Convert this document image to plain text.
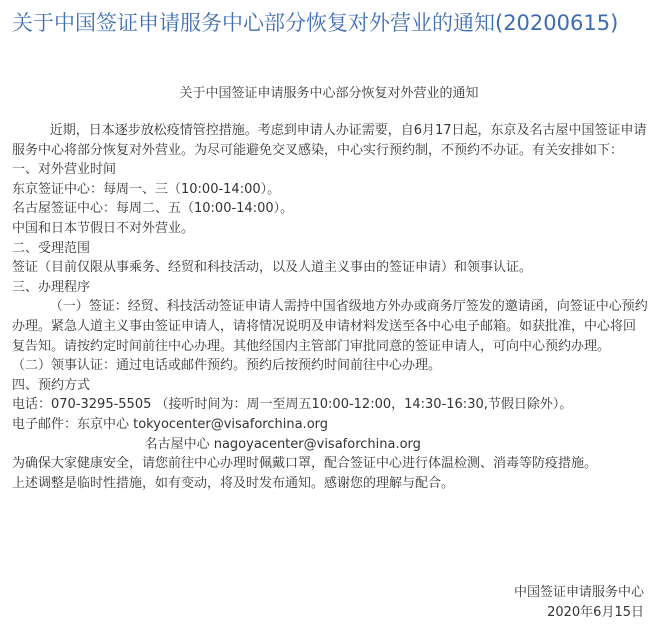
关于中国签证申请服务中心部分恢复对外营业的通知(20200615)
关于中国签证申请服务中心部分恢复对外营业的通知

近期，日本逐步放松疫情管控措施。考虑到申请人办证需要，自6月17日起，东京及名古屋中国签证申请服务中心将部分恢复对外营业。为尽可能避免交叉感染，中心实行预约制，不预约不办证。有关安排如下：

一、对外营业时间

东京签证中心：每周一、三（10:00-14:00）。

名古屋签证中心：每周二、五（10:00-14:00）。

中国和日本节假日不对外营业。

二、受理范围

签证（目前仅限从事乘务、经贸和科技活动，以及人道主义事由的签证申请）和领事认证。

三、办理程序

（一）签证：经贸、科技活动签证申请人需持中国省级地方外办或商务厅签发的邀请函，向签证中心预约办理。紧急人道主义事由签证申请人，请将情况说明及申请材料发送至各中心电子邮箱。如获批准，中心将回复告知。请按约定时间前往中心办理。其他经国内主管部门审批同意的签证申请人，可向中心预约办理。

（二）领事认证：通过电话或邮件预约。预约后按预约时间前往中心办理。

四、预约方式

电话：070-3295-5505 （接听时间为：周一至周五10:00-12:00，14:30-16:30,节假日除外）。

电子邮件：东京中心 tokyocenter@visaforchina.org

名古屋中心 nagoyacenter@visaforchina.org

为确保大家健康安全，请您前往中心办理时佩戴口罩，配合签证中心进行体温检测、消毒等防疫措施。

上述调整是临时性措施，如有变动，将及时发布通知。感谢您的理解与配合。

中国签证申请服务中心

2020年6月15日
